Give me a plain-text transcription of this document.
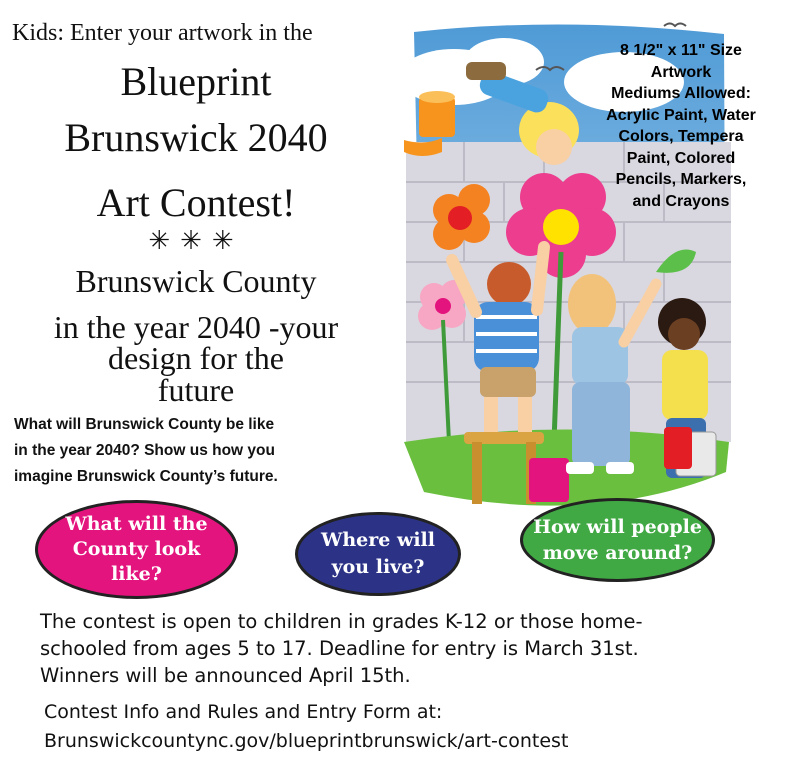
Kids: Enter your artwork in the
Blueprint
Brunswick 2040
Art Contest!
✳✳✳
Brunswick County
in the year 2040 -your
design for the
future
What will Brunswick County be like
in the year 2040? Show us how you
imagine Brunswick County’s future.
8 1/2" x 11" Size
Artwork
Mediums Allowed:
Acrylic Paint, Water
Colors, Tempera
Paint, Colored
Pencils, Markers,
and Crayons
What will the
County look
like?
Where will
you live?
How will people
move around?
The contest is open to children in grades K-12 or those home-
schooled from ages 5 to 17. Deadline for entry is March 31st.
Winners will be announced April 15th.
Contest Info and Rules and Entry Form at:
Brunswickcountync.gov/blueprintbrunswick/art-contest
